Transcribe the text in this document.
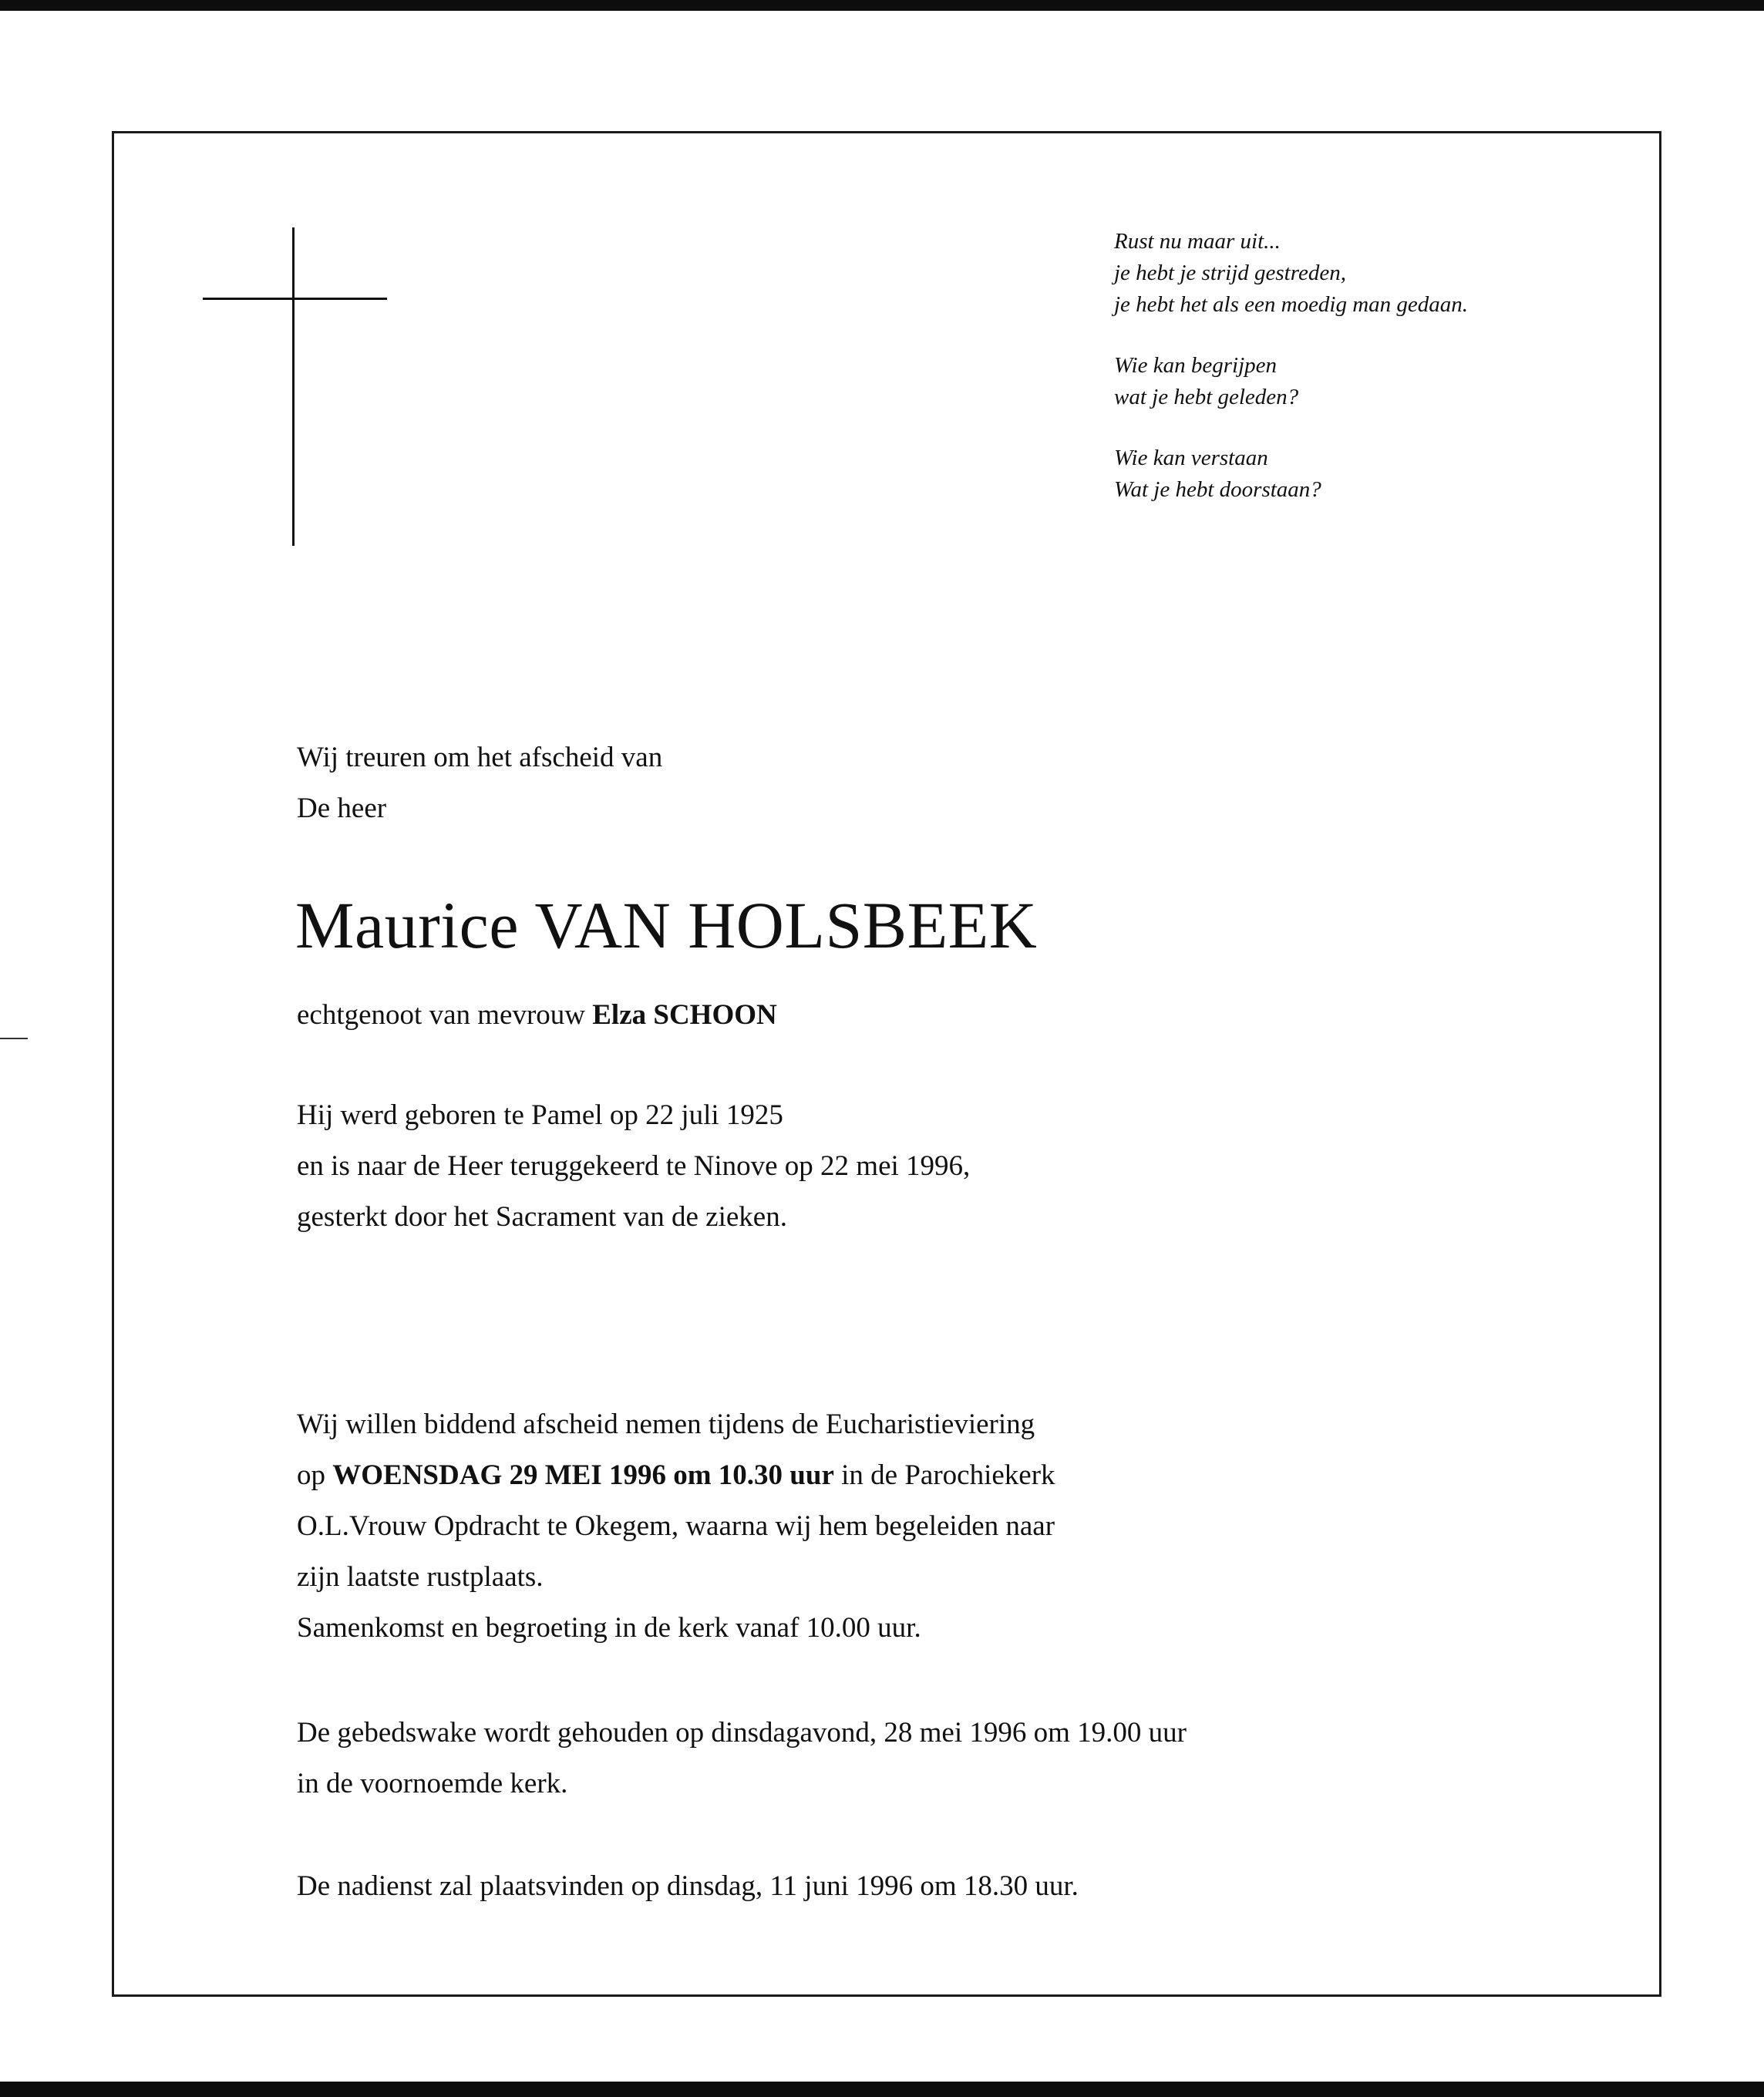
Rust nu maar uit...
je hebt je strijd gestreden,
je hebt het als een moedig man gedaan.
Wie kan begrijpen
wat je hebt geleden?
Wie kan verstaan
Wat je hebt doorstaan?
Wij treuren om het afscheid van
De heer
Maurice VAN HOLSBEEK
echtgenoot van mevrouw Elza SCHOON
Hij werd geboren te Pamel op 22 juli 1925
en is naar de Heer teruggekeerd te Ninove op 22 mei 1996,
gesterkt door het Sacrament van de zieken.
Wij willen biddend afscheid nemen tijdens de Eucharistieviering
op WOENSDAG 29 MEI 1996 om 10.30 uur in de Parochiekerk
O.L.Vrouw Opdracht te Okegem, waarna wij hem begeleiden naar
zijn laatste rustplaats.
Samenkomst en begroeting in de kerk vanaf 10.00 uur.
De gebedswake wordt gehouden op dinsdagavond, 28 mei 1996 om 19.00 uur
in de voornoemde kerk.
De nadienst zal plaatsvinden op dinsdag, 11 juni 1996 om 18.30 uur.
